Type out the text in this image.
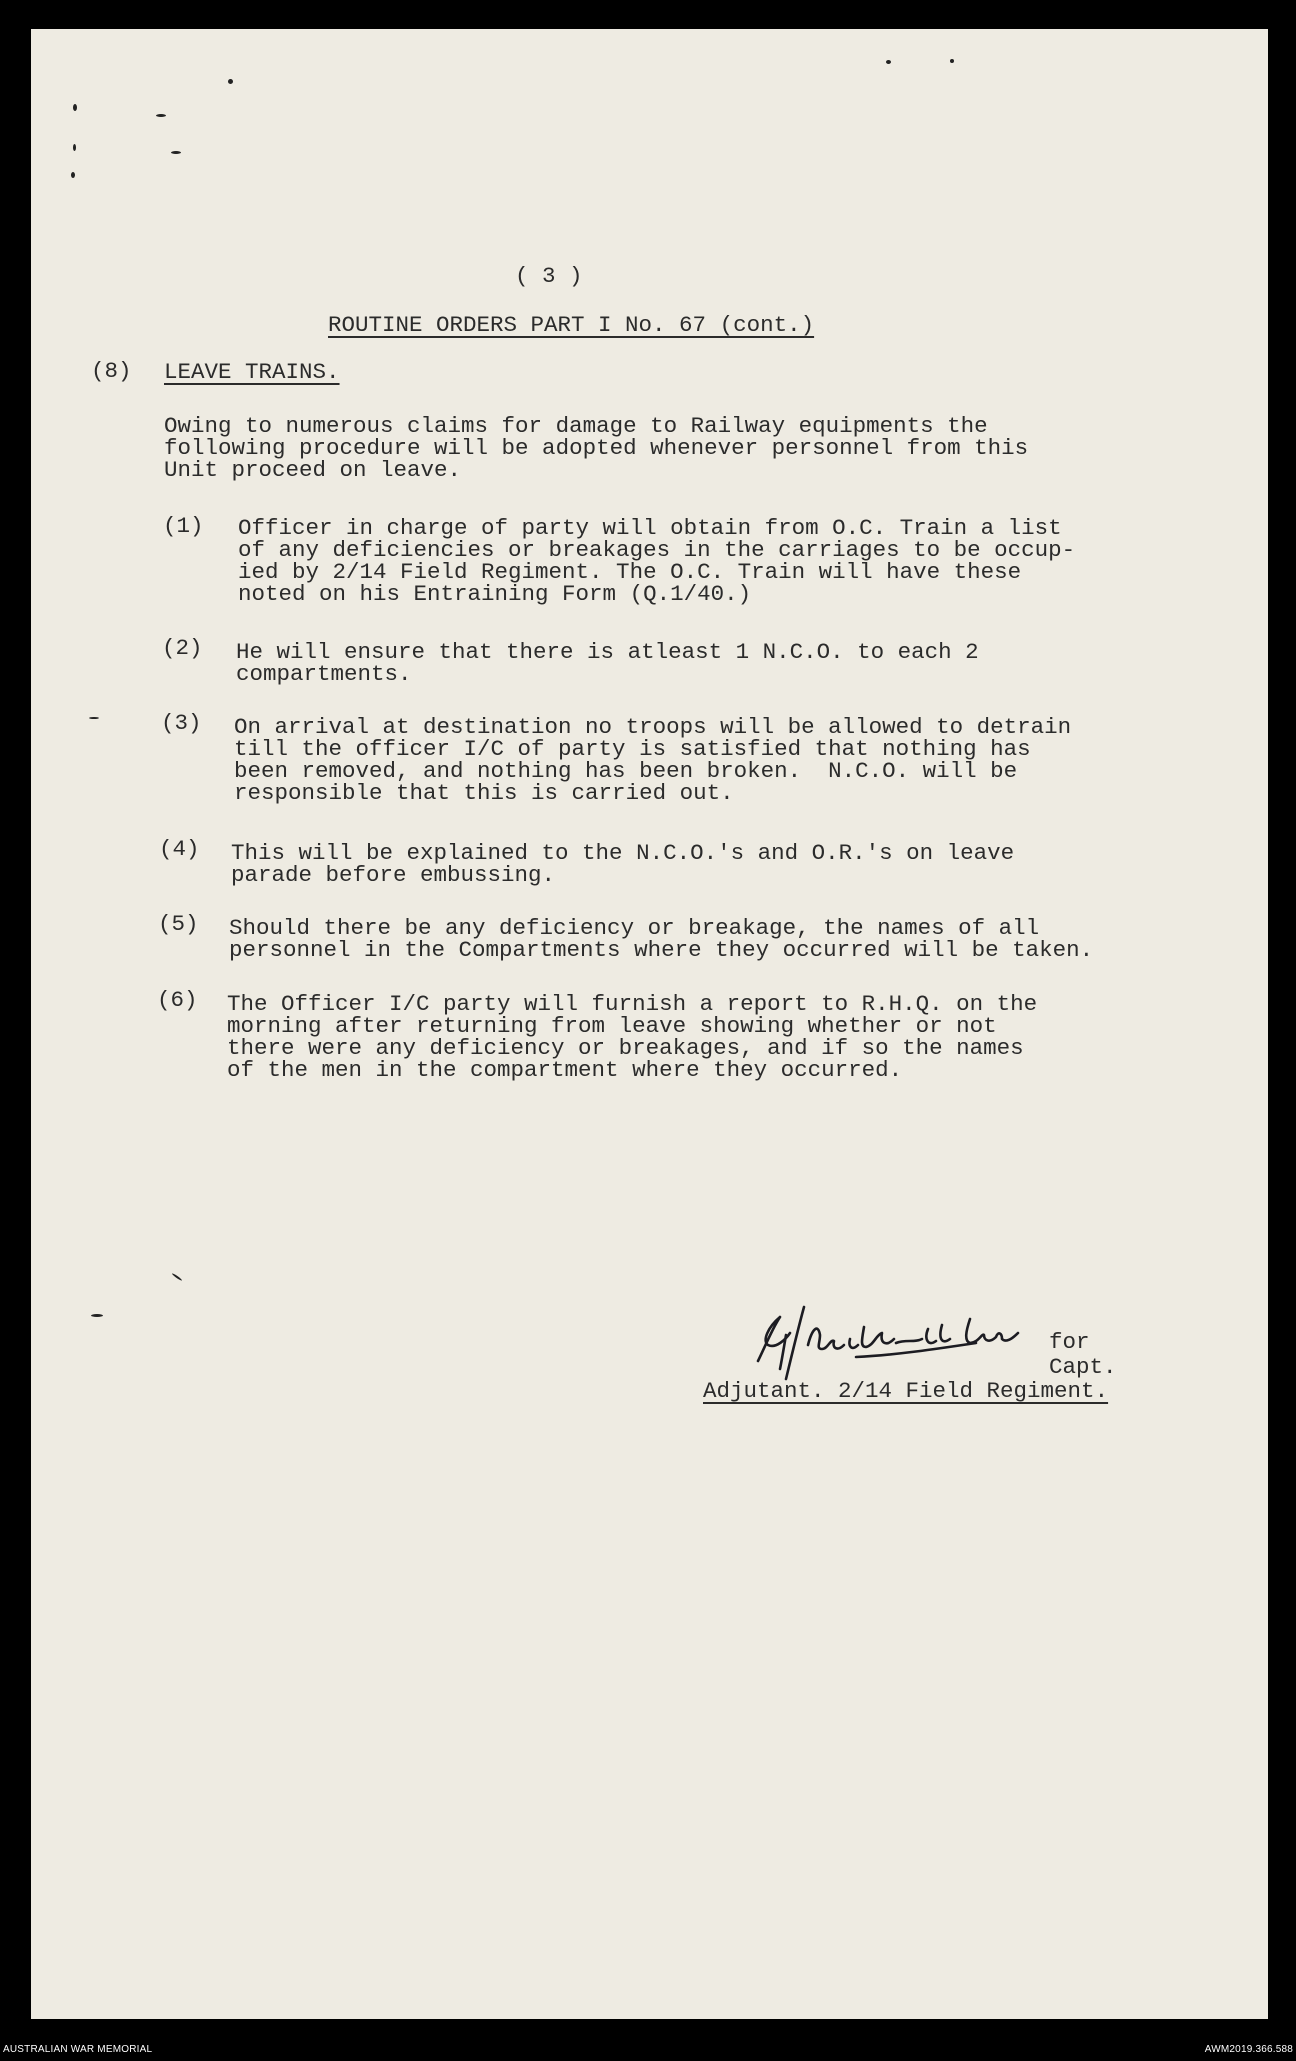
( 3 )
ROUTINE ORDERS PART I No. 67 (cont.)
(8) LEAVE TRAINS.
Owing to numerous claims for damage to Railway equipments the
following procedure will be adopted whenever personnel from this
Unit proceed on leave.
(1) Officer in charge of party will obtain from O.C. Train a list
of any deficiencies or breakages in the carriages to be occup-
ied by 2/14 Field Regiment. The O.C. Train will have these
noted on his Entraining Form (Q.1/40.)
(2) He will ensure that there is atleast 1 N.C.O. to each 2
compartments.
(3) On arrival at destination no troops will be allowed to detrain
till the officer I/C of party is satisfied that nothing has
been removed, and nothing has been broken.  N.C.O. will be
responsible that this is carried out.
(4) This will be explained to the N.C.O.'s and O.R.'s on leave
parade before embussing.
(5) Should there be any deficiency or breakage, the names of all
personnel in the Compartments where they occurred will be taken.
(6) The Officer I/C party will furnish a report to R.H.Q. on the
morning after returning from leave showing whether or not
there were any deficiency or breakages, and if so the names
of the men in the compartment where they occurred.
for
Capt.
Adjutant. 2/14 Field Regiment.
AUSTRALIAN WAR MEMORIAL	AWM2019.366.588
